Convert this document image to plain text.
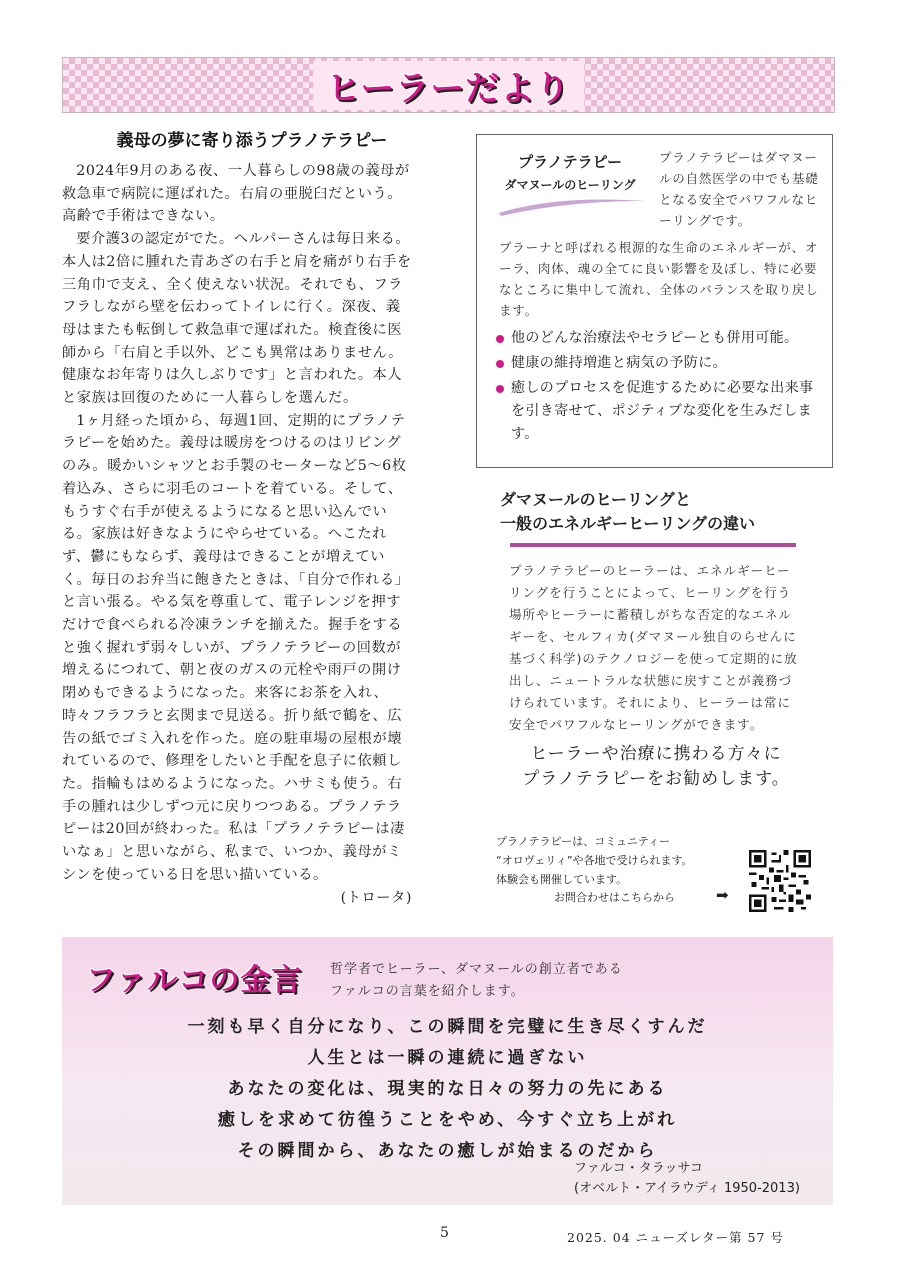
ヒーラーだより
義母の夢に寄り添うプラノテラピー

2024年9月のある夜、一人暮らしの98歳の義母が救急車で病院に運ばれた。右肩の亜脱臼だという。高齢で手術はできない。

要介護3の認定がでた。ヘルパーさんは毎日来る。本人は2倍に腫れた青あざの右手と肩を痛がり右手を三角巾で支え、全く使えない状況。それでも、フラフラしながら壁を伝わってトイレに行く。深夜、義母はまたも転倒して救急車で運ばれた。検査後に医師から「右肩と手以外、どこも異常はありません。健康なお年寄りは久しぶりです」と言われた。本人と家族は回復のために一人暮らしを選んだ。

1ヶ月経った頃から、毎週1回、定期的にプラノテラピーを始めた。義母は暖房をつけるのはリビングのみ。暖かいシャツとお手製のセーターなど5〜6枚着込み、さらに羽毛のコートを着ている。そして、もうすぐ右手が使えるようになると思い込んでいる。家族は好きなようにやらせている。へこたれず、鬱にもならず、義母はできることが増えていく。毎日のお弁当に飽きたときは、「自分で作れる」と言い張る。やる気を尊重して、電子レンジを押すだけで食べられる冷凍ランチを揃えた。握手をすると強く握れず弱々しいが、プラノテラピーの回数が増えるにつれて、朝と夜のガスの元栓や雨戸の開け閉めもできるようになった。来客にお茶を入れ、時々フラフラと玄関まで見送る。折り紙で鶴を、広告の紙でゴミ入れを作った。庭の駐車場の屋根が壊れているので、修理をしたいと手配を息子に依頼した。指輪もはめるようになった。ハサミも使う。右手の腫れは少しずつ元に戻りつつある。プラノテラピーは20回が終わった。私は「プラノテラピーは凄いなぁ」と思いながら、私まで、いつか、義母がミシンを使っている日を思い描いている。

(トロータ)
プラノテラピー
ダマヌールのヒーリング
プラノテラピーはダマヌールの自然医学の中でも基礎となる安全でパワフルなヒーリングです。
プラーナと呼ばれる根源的な生命のエネルギーが、オーラ、肉体、魂の全てに良い影響を及ぼし、特に必要なところに集中して流れ、全体のバランスを取り戻します。
他のどんな治療法やセラピーとも併用可能。
健康の維持増進と病気の予防に。
癒しのプロセスを促進するために必要な出来事を引き寄せて、ポジティブな変化を生みだします。
ダマヌールのヒーリングと
一般のエネルギーヒーリングの違い
プラノテラピーのヒーラーは、エネルギーヒーリングを行うことによって、ヒーリングを行う場所やヒーラーに蓄積しがちな否定的なエネルギーを、セルフィカ(ダマヌール独自のらせんに基づく科学)のテクノロジーを使って定期的に放出し、ニュートラルな状態に戻すことが義務づけられています。それにより、ヒーラーは常に安全でパワフルなヒーリングができます。
ヒーラーや治療に携わる方々に
プラノテラピーをお勧めします。
プラノテラピーは、コミュニティー
“オロヴェリィ”や各地で受けられます。
体験会も開催しています。
お問合わせはこちらから	➡
ファルコの金言 哲学者でヒーラー、ダマヌールの創立者である
ファルコの言葉を紹介します。
一刻も早く自分になり、この瞬間を完璧に生き尽くすんだ
人生とは一瞬の連続に過ぎない
あなたの変化は、現実的な日々の努力の先にある
癒しを求めて彷徨うことをやめ、今すぐ立ち上がれ
その瞬間から、あなたの癒しが始まるのだから
ファルコ・タラッサコ
(オベルト・アイラウディ 1950-2013)
5	2025. 04 ニューズレター第 57 号
